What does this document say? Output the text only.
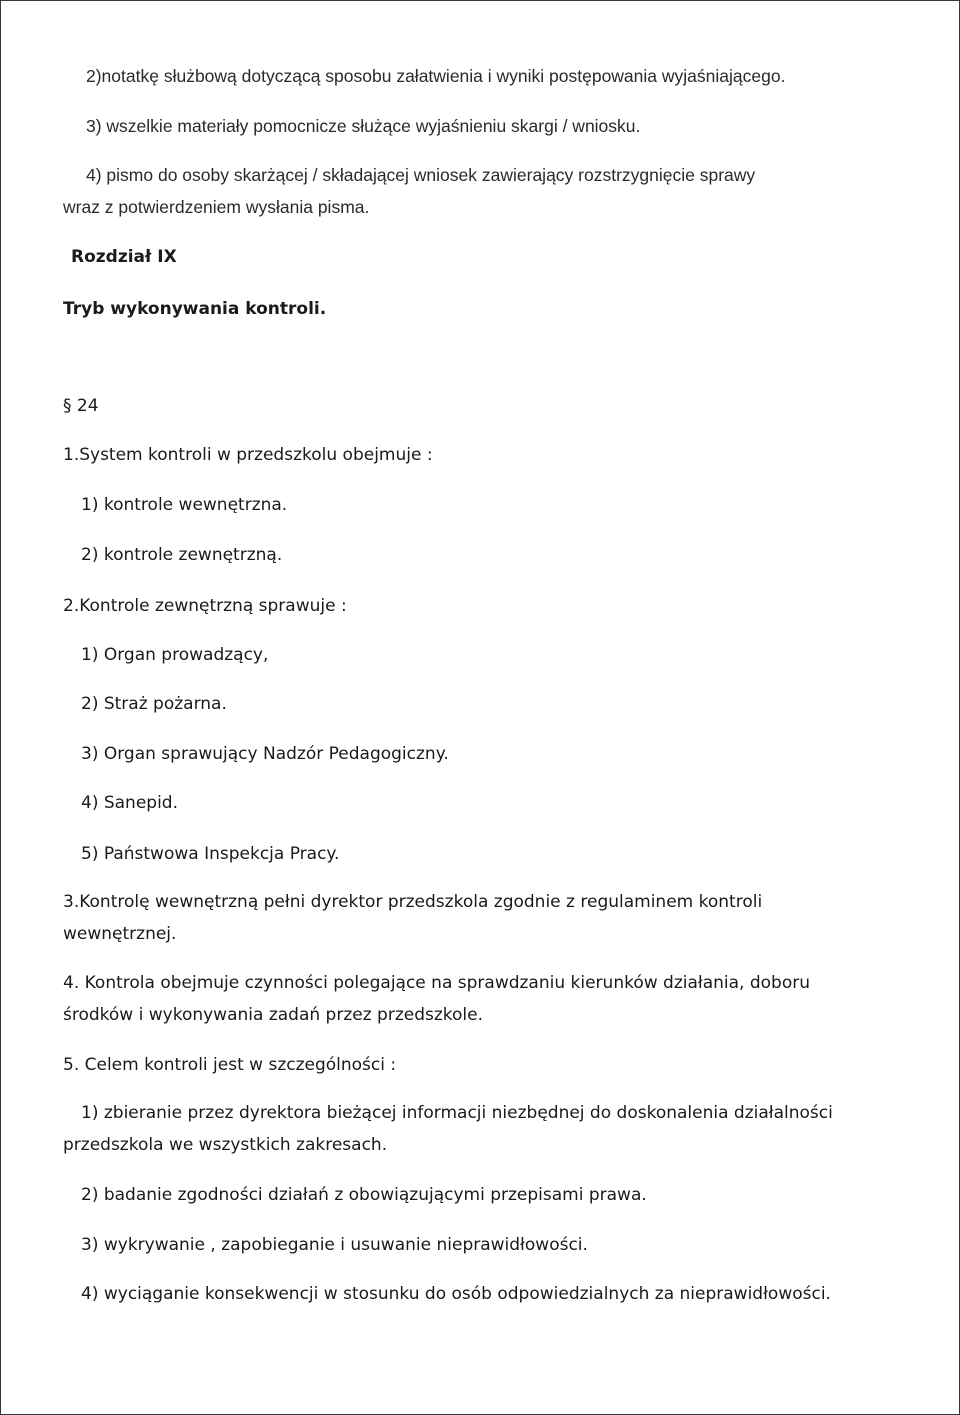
2)notatkę służbową dotyczącą sposobu załatwienia i wyniki postępowania wyjaśniającego.
3) wszelkie materiały pomocnicze służące wyjaśnieniu skargi / wniosku.
4) pismo do osoby skarżącej / składającej wniosek zawierający rozstrzygnięcie sprawy
wraz z potwierdzeniem wysłania pisma.
Rozdział IX
Tryb wykonywania kontroli.
§ 24
1.System kontroli w przedszkolu obejmuje :
1) kontrole wewnętrzna.
2) kontrole zewnętrzną.
2.Kontrole zewnętrzną sprawuje :
1) Organ prowadzący,
2) Straż pożarna.
3) Organ sprawujący Nadzór Pedagogiczny.
4) Sanepid.
5) Państwowa Inspekcja Pracy.
3.Kontrolę wewnętrzną pełni dyrektor przedszkola zgodnie z regulaminem kontroli
wewnętrznej.
4. Kontrola obejmuje czynności polegające na sprawdzaniu kierunków działania, doboru
środków i wykonywania zadań przez przedszkole.
5. Celem kontroli jest w szczególności :
1) zbieranie przez dyrektora bieżącej informacji niezbędnej do doskonalenia działalności
przedszkola we wszystkich zakresach.
2) badanie zgodności działań z obowiązującymi przepisami prawa.
3) wykrywanie , zapobieganie i usuwanie nieprawidłowości.
4) wyciąganie konsekwencji w stosunku do osób odpowiedzialnych za nieprawidłowości.
